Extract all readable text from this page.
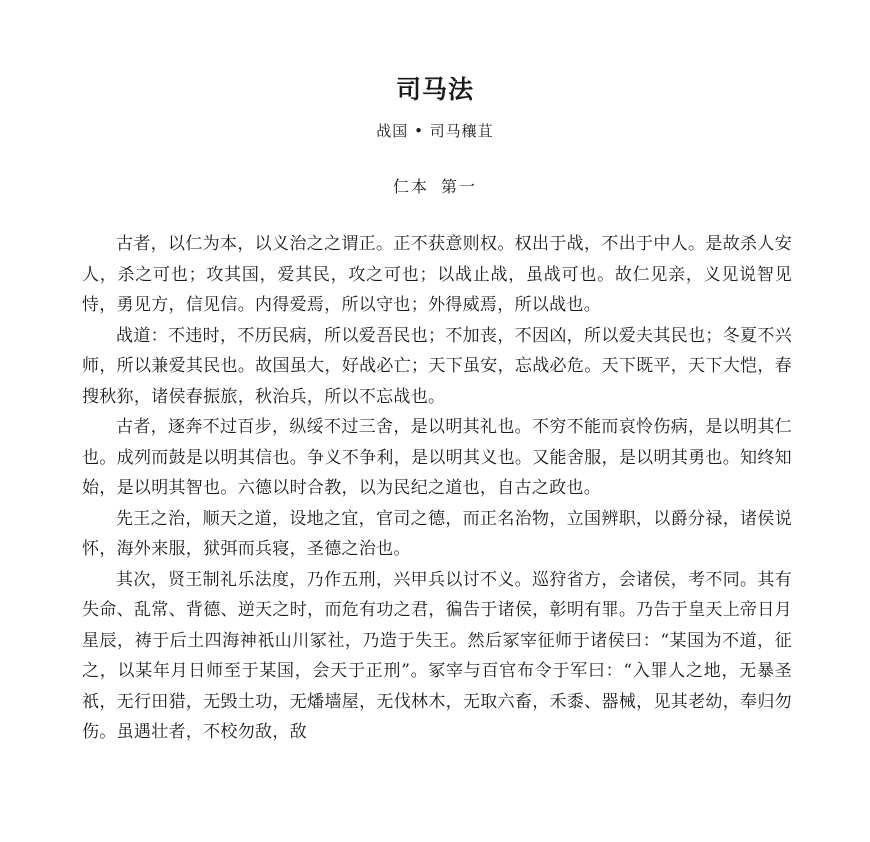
司马法
战国 • 司马穰苴
仁本 第一

古者，以仁为本，以义治之之谓正。正不获意则权。权出于战，不出于中人。是故杀人安人，杀之可也；攻其国，爱其民，攻之可也；以战止战，虽战可也。故仁见亲，义见说智见恃，勇见方，信见信。内得爱焉，所以守也；外得威焉，所以战也。

战道：不违时，不历民病，所以爱吾民也；不加丧，不因凶，所以爱夫其民也；冬夏不兴师，所以兼爱其民也。故国虽大，好战必亡；天下虽安，忘战必危。天下既平，天下大恺，春搜秋狝，诸侯春振旅，秋治兵，所以不忘战也。

古者，逐奔不过百步，纵绥不过三舍，是以明其礼也。不穷不能而哀怜伤病，是以明其仁也。成列而鼓是以明其信也。争义不争利，是以明其义也。又能舍服，是以明其勇也。知终知始，是以明其智也。六德以时合教，以为民纪之道也，自古之政也。

先王之治，顺天之道，设地之宜，官司之德，而正名治物，立国辨职，以爵分禄，诸侯说怀，海外来服，狱弭而兵寝，圣德之治也。

其次，贤王制礼乐法度，乃作五刑，兴甲兵以讨不义。巡狩省方，会诸侯，考不同。其有失命、乱常、背德、逆天之时，而危有功之君，徧告于诸侯，彰明有罪。乃告于皇天上帝日月星辰，祷于后土四海神祇山川冢社，乃造于失王。然后冢宰征师于诸侯曰：“某国为不道，征之，以某年月日师至于某国，会天于正刑”。冢宰与百官布令于军曰：“入罪人之地，无暴圣祇，无行田猎，无毁土功，无燔墙屋，无伐林木，无取六畜，禾黍、器械，见其老幼，奉归勿伤。虽遇壮者，不校勿敌，敌
